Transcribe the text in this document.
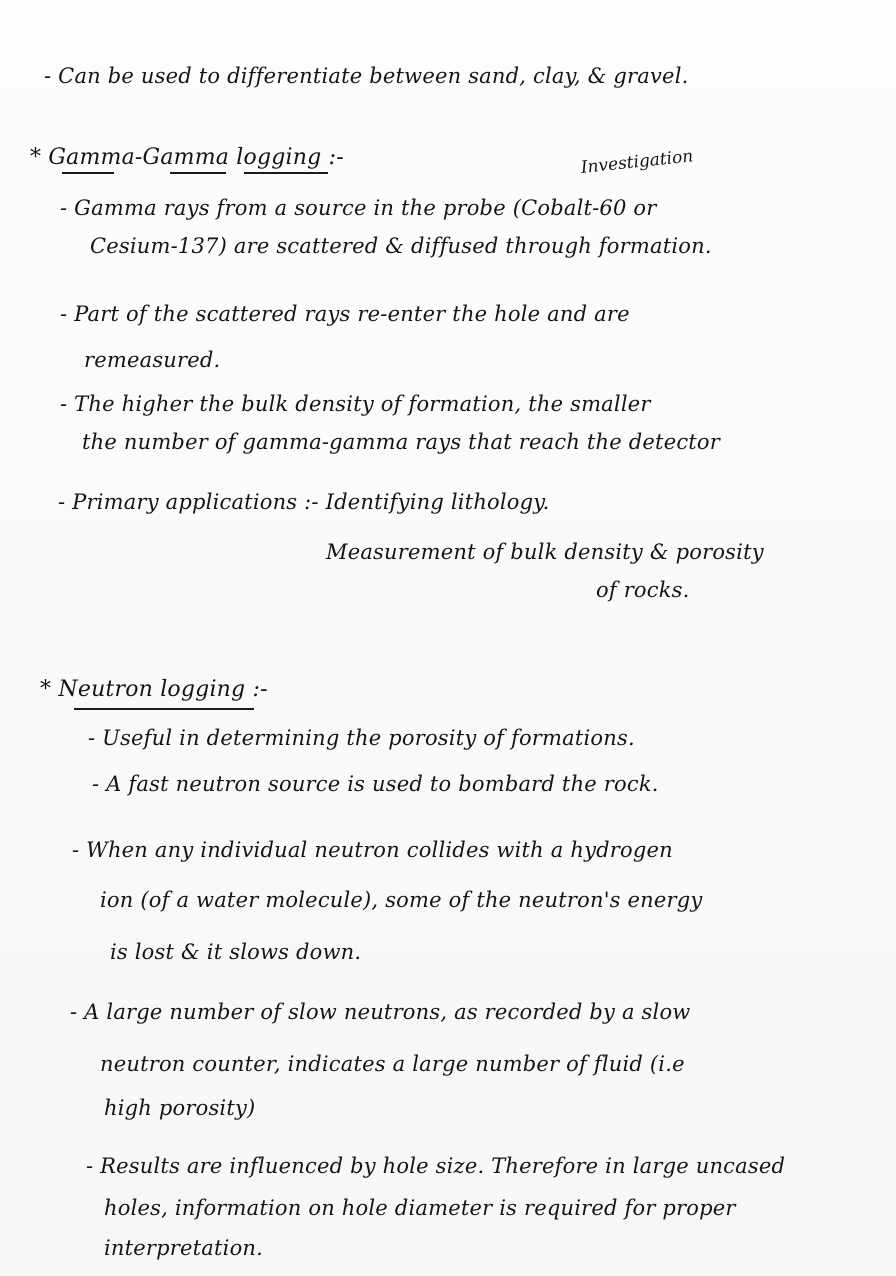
- Can be used to differentiate between sand, clay, & gravel.
* Gamma-Gamma logging :-	Investigation
- Gamma rays from a source in the probe (Cobalt-60 or
Cesium-137) are scattered & diffused through formation.
- Part of the scattered rays re-enter the hole and are
remeasured.
- The higher the bulk density of formation, the smaller
the number of gamma-gamma rays that reach the detector
- Primary applications :- Identifying lithology.
Measurement of bulk density & porosity
of rocks.
* Neutron logging :-
- Useful in determining the porosity of formations.
- A fast neutron source is used to bombard the rock.
- When any individual neutron collides with a hydrogen
ion (of a water molecule), some of the neutron's energy
is lost & it slows down.
- A large number of slow neutrons, as recorded by a slow
neutron counter, indicates a large number of fluid (i.e
high porosity)
- Results are influenced by hole size. Therefore in large uncased
holes, information on hole diameter is required for proper
interpretation.
